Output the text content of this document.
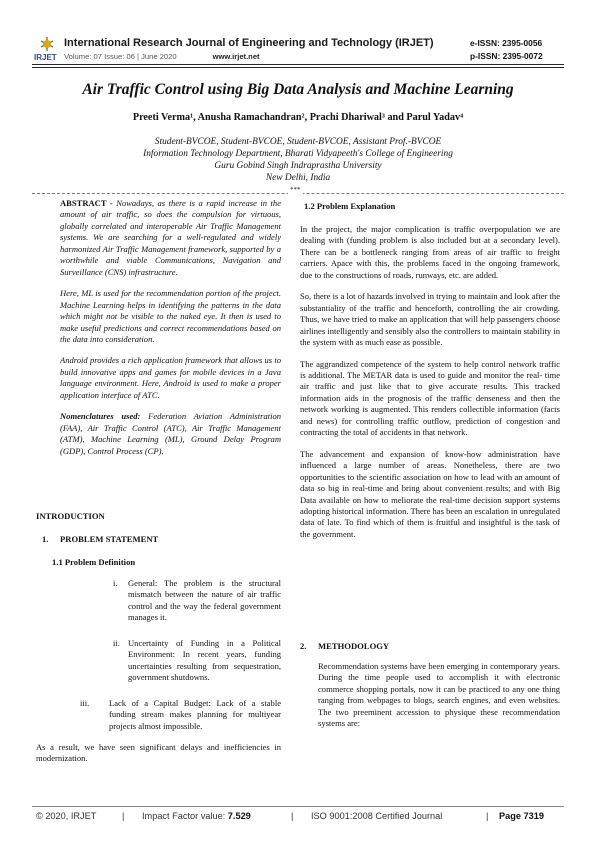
IRJET
International Research Journal of Engineering and Technology (IRJET)	e-ISSN: 2395-0056
p-ISSN: 2395-0072
Volume: 07 Issue: 06 | June 2020	www.irjet.net
Air Traffic Control using Big Data Analysis and Machine Learning
Preeti Verma¹, Anusha Ramachandran², Prachi Dhariwal³ and Parul Yadav⁴
Student-BVCOE, Student-BVCOE, Student-BVCOE, Assistant Prof.-BVCOE
Information Technology Department, Bharati Vidyapeeth's College of Engineering
Guru Gobind Singh Indraprastha University
New Delhi, India
***

ABSTRACT - Nowadays, as there is a rapid increase in the amount of air traffic, so does the compulsion for virtuous, globally correlated and interoperable Air Traffic Management systems. We are searching for a well-regulated and widely harmonized Air Traffic Management framework, supported by a worthwhile and viable Communications, Navigation and Surveillance (CNS) infrastructure.

Here, ML is used for the recommendation portion of the project. Machine Learning helps in identifying the patterns in the data which might not be visible to the naked eye. It then is used to make useful predictions and correct recommendations based on the data into consideration.

Android provides a rich application framework that allows us to build innovative apps and games for mobile devices in a Java language environment. Here, Android is used to make a proper application interface of ATC.

Nomenclatures used: Federation Aviation Administration (FAA), Air Traffic Control (ATC), Air Traffic Management (ATM), Machine Learning (ML), Ground Delay Program (GDP), Control Process (CP).

INTRODUCTION
1. PROBLEM STATEMENT
1.1 Problem Definition
i. General: The problem is the structural mismatch between the nature of air traffic control and the way the federal government manages it.
ii. Uncertainty of Funding in a Political Environment: In recent years, funding uncertainties resulting from sequestration, government shutdowns.
iii. Lack of a Capital Budget: Lack of a stable funding stream makes planning for multiyear projects almost impossible.
As a result, we have seen significant delays and inefficiencies in modernization.
1.2 Problem Explanation

In the project, the major complication is traffic overpopulation we are dealing with (funding problem is also included but at a secondary level). There can be a bottleneck ranging from areas of air traffic to freight carriers. Apace with this, the problems faced in the ongoing framework, due to the constructions of roads, runways, etc. are added.

So, there is a lot of hazards involved in trying to maintain and look after the substantiality of the traffic and henceforth, controlling the air crowding. Thus, we have tried to make an application that will help passengers choose airlines intelligently and sensibly also the controllers to maintain stability in the system with as much ease as possible.

The aggrandized competence of the system to help control network traffic is additional. The METAR data is used to guide and monitor the real- time air traffic and just like that to give accurate results. This tracked information aids in the prognosis of the traffic denseness and then the network working is augmented. This renders collectible information (facts and news) for controlling traffic outflow, prediction of congestion and contracting the total of accidents in that network.

The advancement and expansion of know-how administration have influenced a large number of areas. Nonetheless, there are two opportunities to the scientific association on how to lead with an amount of data so big in real-time and bring about convenient results; and with Big Data available on how to meliorate the real-time decision support systems adopting historical information. There has been an escalation in unregulated data of late. To find which of them is fruitful and insightful is the task of the government.

2. METHODOLOGY
Recommendation systems have been emerging in contemporary years. During the time people used to accomplish it with electronic commerce shopping portals, now it can be practiced to any one thing ranging from webpages to blogs, search engines, and even websites. The two preeminent accession to physique these recommendation systems are:
© 2020, IRJET	| Impact Factor value: 7.529	| ISO 9001:2008 Certified Journal	| Page 7319
